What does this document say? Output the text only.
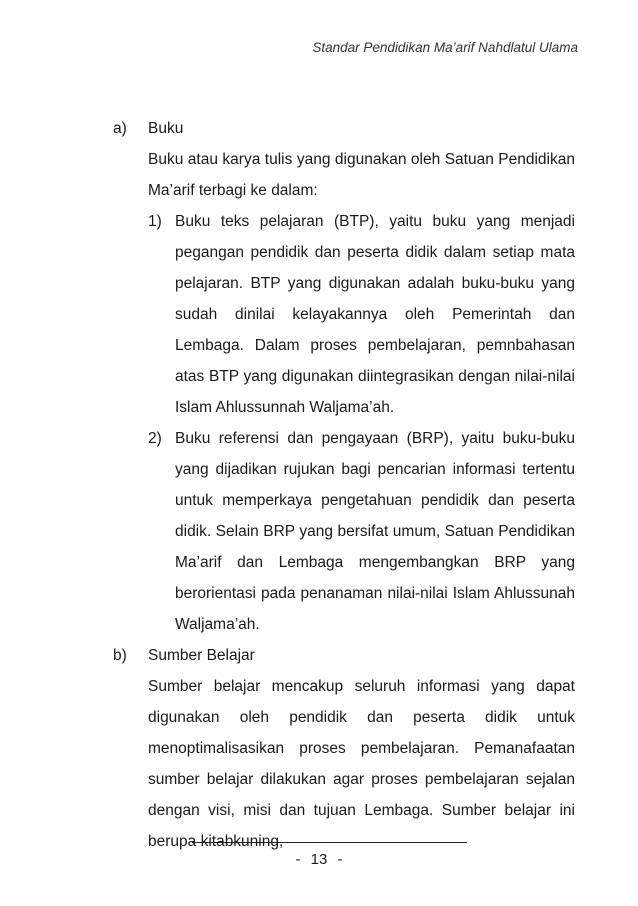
Standar Pendidikan Ma’arif Nahdlatul Ulama
a)	Buku

Buku atau karya tulis yang digunakan oleh Satuan Pendidikan Ma’arif terbagi ke dalam:

1) Buku teks pelajaran (BTP), yaitu buku yang menjadi pegangan pendidik dan peserta didik dalam setiap mata pelajaran. BTP yang digunakan adalah buku-buku yang sudah dinilai kelayakannya oleh Pemerintah dan Lembaga. Dalam proses pembelajaran, pemnbahasan atas BTP yang digunakan diintegrasikan dengan nilai-nilai Islam Ahlussunnah Waljama’ah.

2) Buku referensi dan pengayaan (BRP), yaitu buku-buku yang dijadikan rujukan bagi pencarian informasi tertentu untuk memperkaya pengetahuan pendidik dan peserta didik. Selain BRP yang bersifat umum, Satuan Pendidikan Ma’arif dan Lembaga mengembangkan BRP yang berorientasi pada penanaman nilai-nilai Islam Ahlussunah Waljama’ah.

b)	Sumber Belajar

Sumber belajar mencakup seluruh informasi yang dapat digunakan oleh pendidik dan peserta didik untuk menoptimalisasikan proses pembelajaran. Pemanafaatan sumber belajar dilakukan agar proses pembelajaran sejalan dengan visi, misi dan tujuan Lembaga. Sumber belajar ini berupa kitabkuning,

- 13 -
